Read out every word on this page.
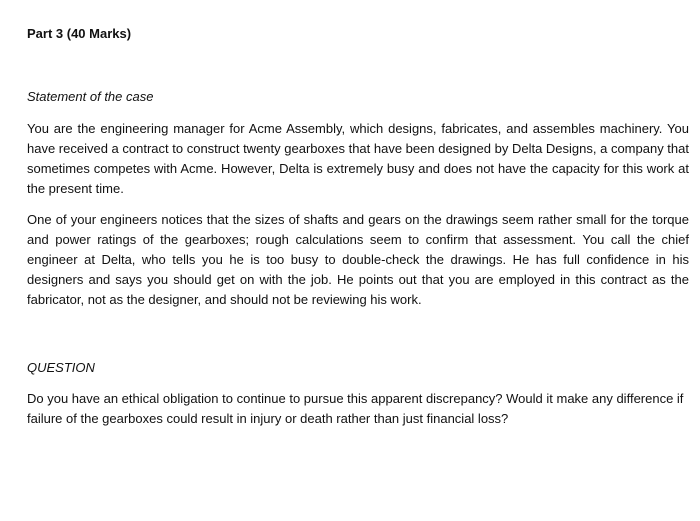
Part 3 (40 Marks)
Statement of the case
You are the engineering manager for Acme Assembly, which designs, fabricates, and assembles machinery. You have received a contract to construct twenty gearboxes that have been designed by Delta Designs, a company that sometimes competes with Acme. However, Delta is extremely busy and does not have the capacity for this work at the present time.
One of your engineers notices that the sizes of shafts and gears on the drawings seem rather small for the torque and power ratings of the gearboxes; rough calculations seem to confirm that assessment. You call the chief engineer at Delta, who tells you he is too busy to double-check the drawings. He has full confidence in his designers and says you should get on with the job. He points out that you are employed in this contract as the fabricator, not as the designer, and should not be reviewing his work.
QUESTION
Do you have an ethical obligation to continue to pursue this apparent discrepancy? Would it make any difference if failure of the gearboxes could result in injury or death rather than just financial loss?
